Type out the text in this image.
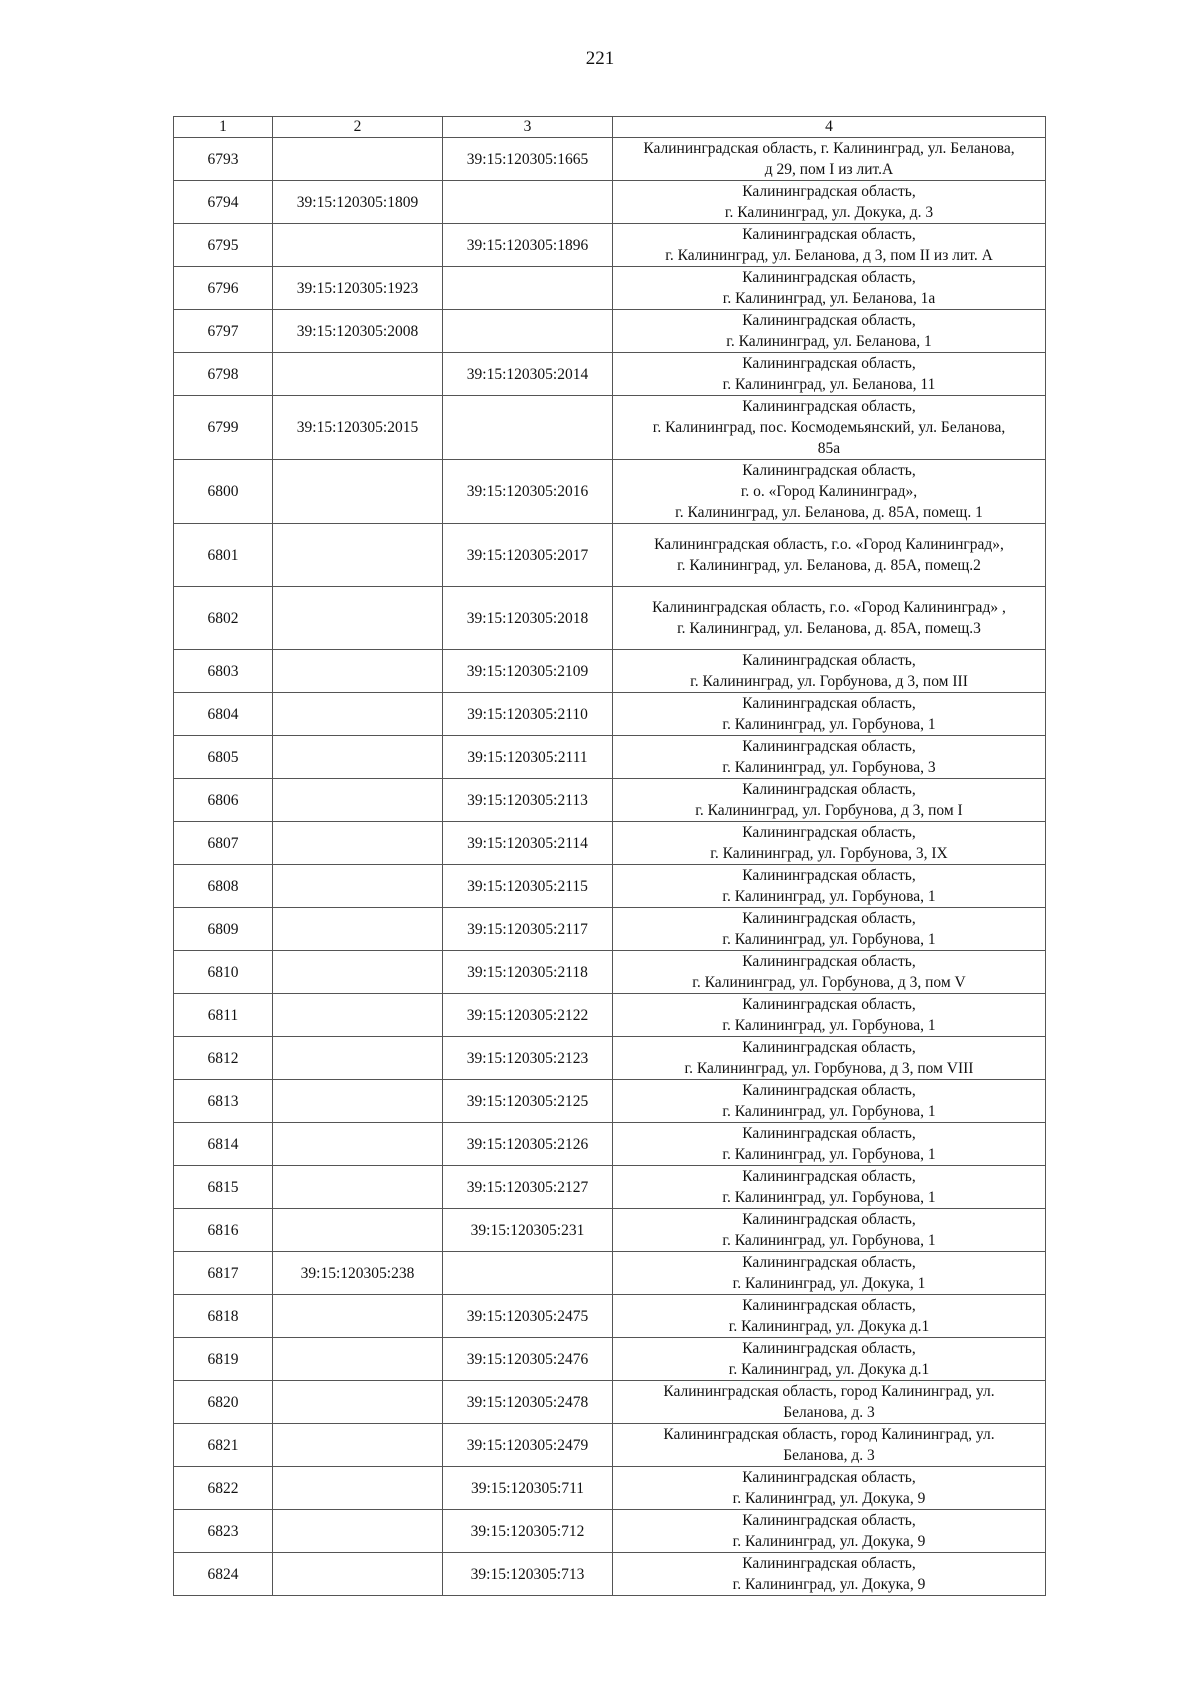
221
1	2	3	4
6793		39:15:120305:1665	Калининградская область, г. Калининград, ул. Беланова,
д 29, пом I из лит.А

6794	39:15:120305:1809		Калининградская область,
г. Калининград, ул. Докука, д. 3

6795		39:15:120305:1896	Калининградская область,
г. Калининград, ул. Беланова, д 3, пом II из лит. А

6796	39:15:120305:1923		Калининградская область,
г. Калининград, ул. Беланова, 1а

6797	39:15:120305:2008		Калининградская область,
г. Калининград, ул. Беланова, 1

6798		39:15:120305:2014	Калининградская область,
г. Калининград, ул. Беланова, 11

6799	39:15:120305:2015		Калининградская область,
г. Калининград, пос. Космодемьянский, ул. Беланова,
85а

6800		39:15:120305:2016	Калининградская область,
г. о. «Город Калининград»,
г. Калининград, ул. Беланова, д. 85А, помещ. 1

6801		39:15:120305:2017	Калининградская область, г.о. «Город Калининград»,
г. Калининград, ул. Беланова, д. 85А, помещ.2

6802		39:15:120305:2018	Калининградская область, г.о. «Город Калининград» ,
г. Калининград, ул. Беланова, д. 85А, помещ.3

6803		39:15:120305:2109	Калининградская область,
г. Калининград, ул. Горбунова, д 3, пом III

6804		39:15:120305:2110	Калининградская область,
г. Калининград, ул. Горбунова, 1

6805		39:15:120305:2111	Калининградская область,
г. Калининград, ул. Горбунова, 3

6806		39:15:120305:2113	Калининградская область,
г. Калининград, ул. Горбунова, д 3, пом I

6807		39:15:120305:2114	Калининградская область,
г. Калининград, ул. Горбунова, 3, IX

6808		39:15:120305:2115	Калининградская область,
г. Калининград, ул. Горбунова, 1

6809		39:15:120305:2117	Калининградская область,
г. Калининград, ул. Горбунова, 1

6810		39:15:120305:2118	Калининградская область,
г. Калининград, ул. Горбунова, д 3, пом V

6811		39:15:120305:2122	Калининградская область,
г. Калининград, ул. Горбунова, 1

6812		39:15:120305:2123	Калининградская область,
г. Калининград, ул. Горбунова, д 3, пом VIII

6813		39:15:120305:2125	Калининградская область,
г. Калининград, ул. Горбунова, 1

6814		39:15:120305:2126	Калининградская область,
г. Калининград, ул. Горбунова, 1

6815		39:15:120305:2127	Калининградская область,
г. Калининград, ул. Горбунова, 1

6816		39:15:120305:231	Калининградская область,
г. Калининград, ул. Горбунова, 1

6817	39:15:120305:238		Калининградская область,
г. Калининград, ул. Докука, 1

6818		39:15:120305:2475	Калининградская область,
г. Калининград, ул. Докука д.1

6819		39:15:120305:2476	Калининградская область,
г. Калининград, ул. Докука д.1

6820		39:15:120305:2478	Калининградская область, город Калининград, ул.
Беланова, д. 3

6821		39:15:120305:2479	Калининградская область, город Калининград, ул.
Беланова, д. 3

6822		39:15:120305:711	Калининградская область,
г. Калининград, ул. Докука, 9

6823		39:15:120305:712	Калининградская область,
г. Калининград, ул. Докука, 9

6824		39:15:120305:713	Калининградская область,
г. Калининград, ул. Докука, 9
